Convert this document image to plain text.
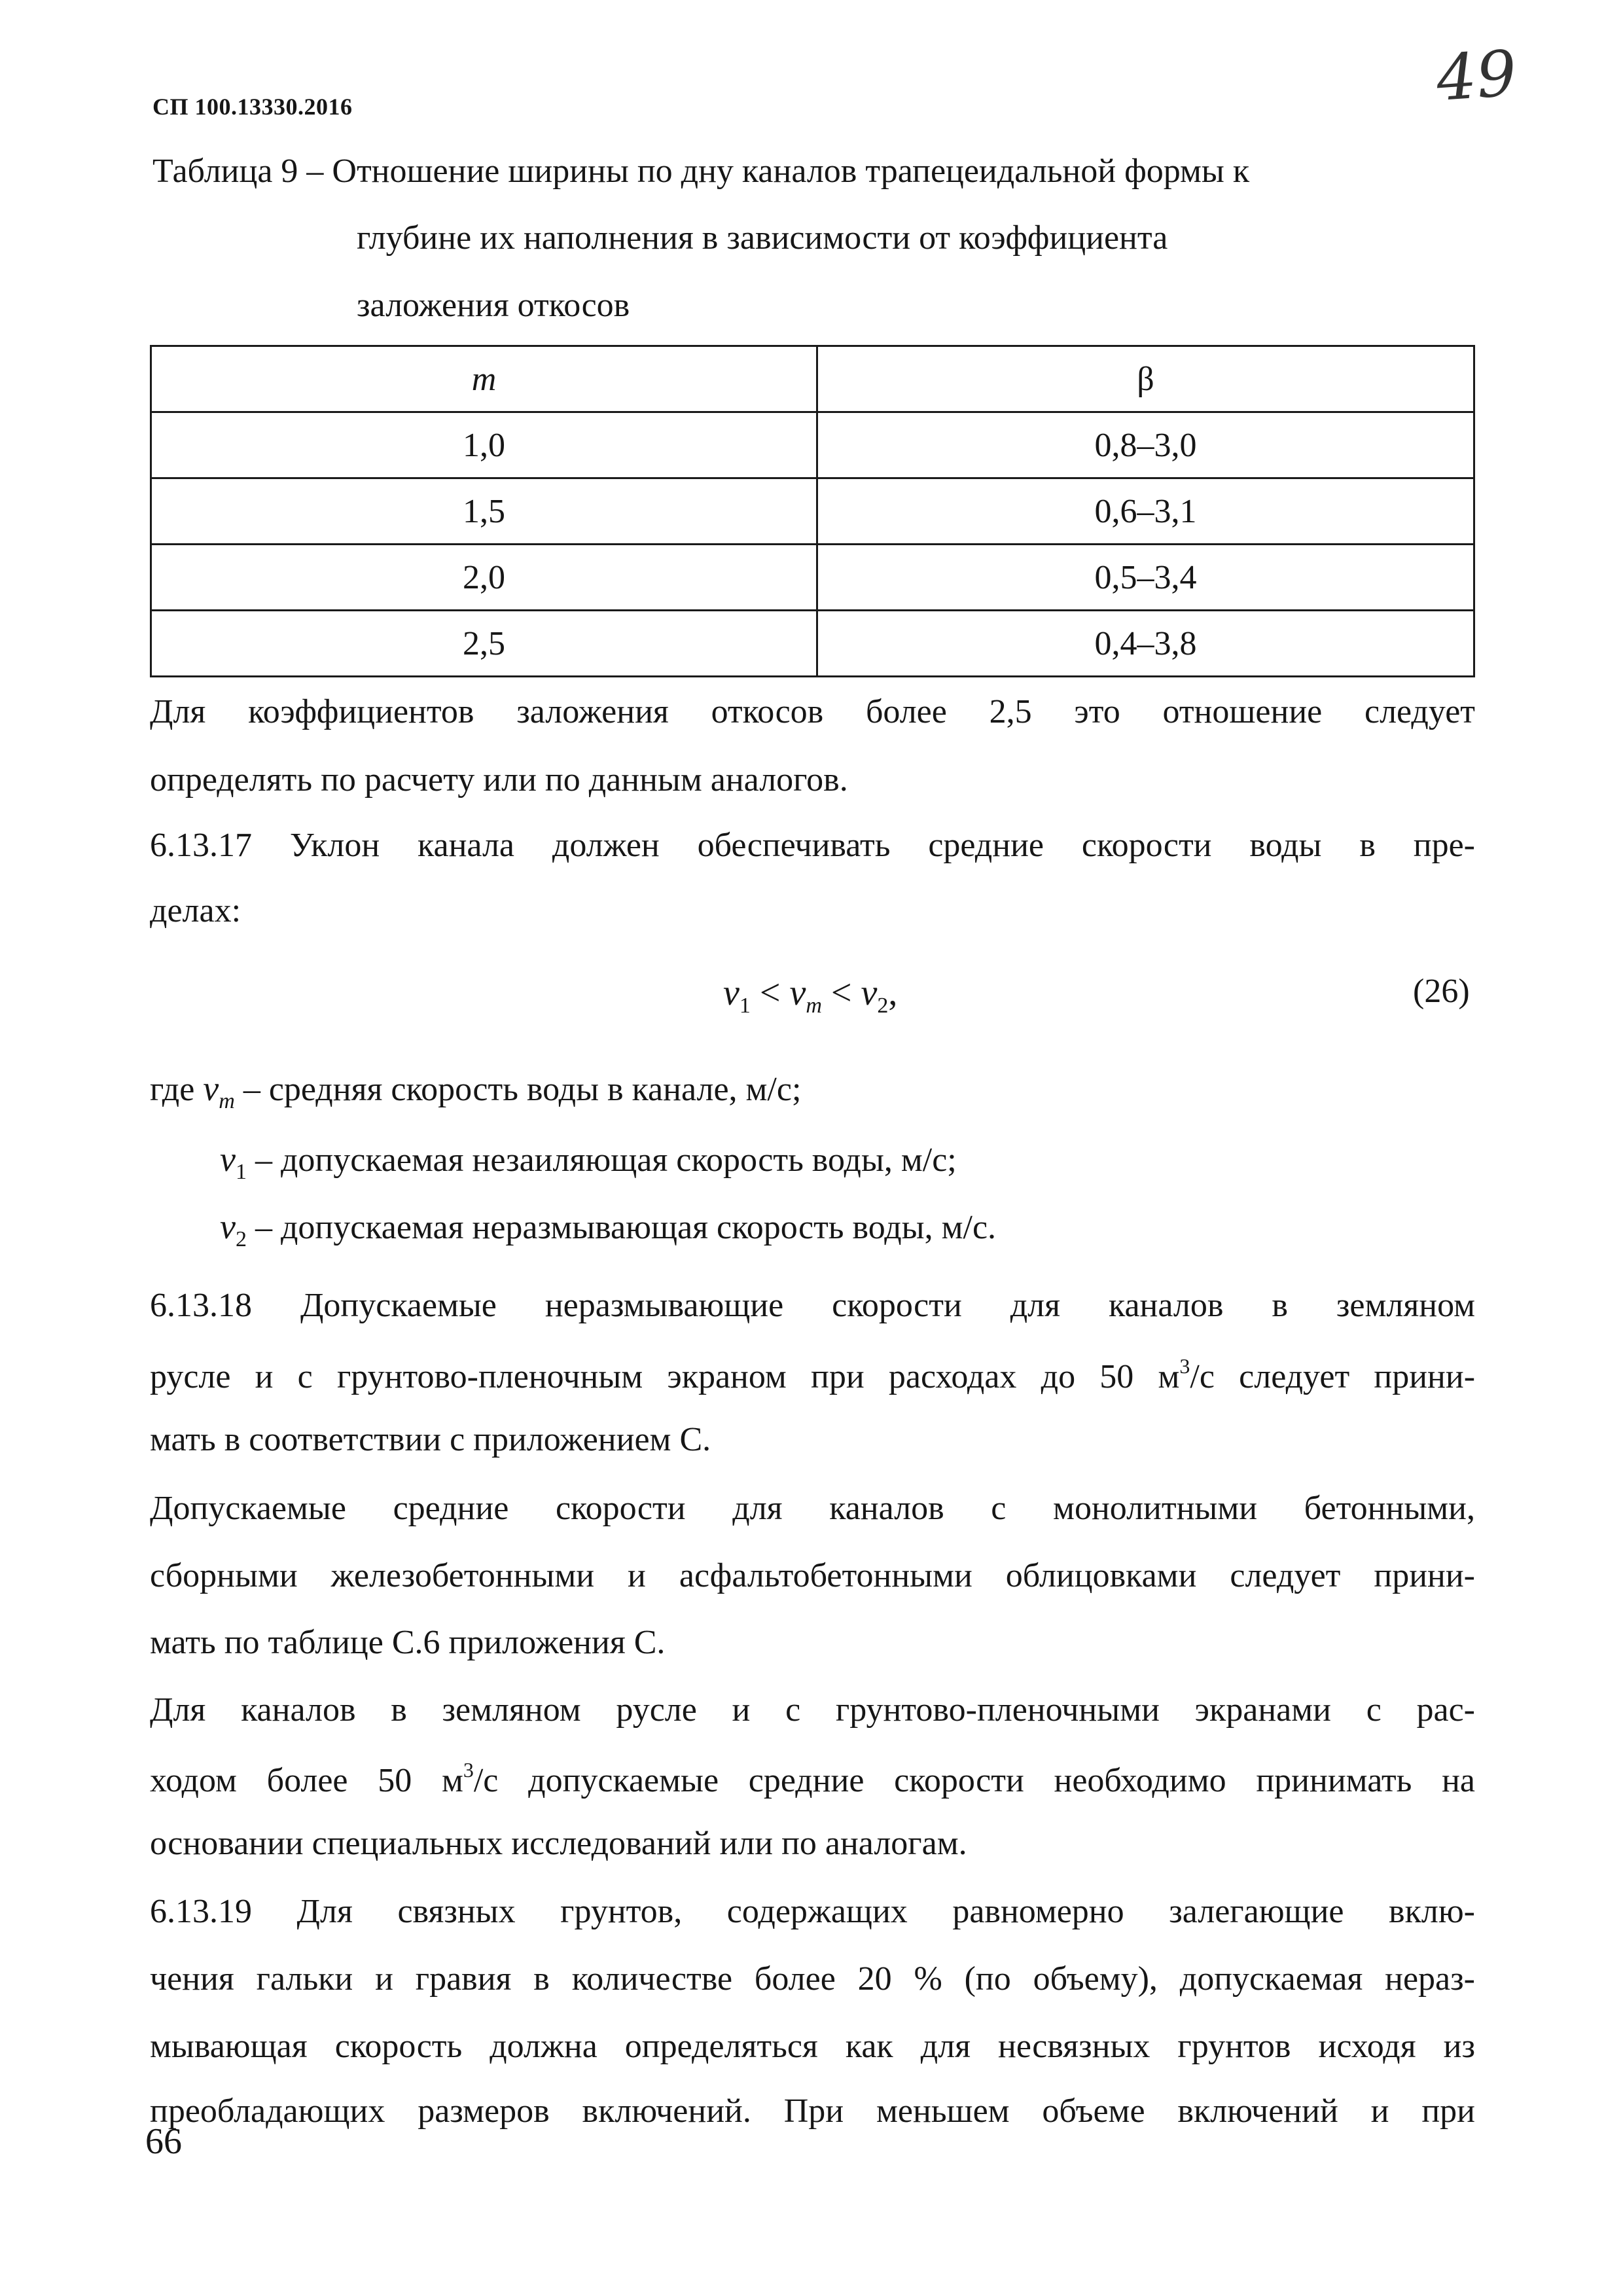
СП 100.13330.2016	49
Таблица 9 – Отношение ширины по дну каналов трапецеидальной формы к
глубине их наполнения в зависимости от коэффициента
заложения откосов
m	β
1,0	0,8–3,0
1,5	0,6–3,1
2,0	0,5–3,4
2,5	0,4–3,8
Для коэффициентов заложения откосов более 2,5 это отношение следует
определять по расчету или по данным аналогов.
6.13.17 Уклон канала должен обеспечивать средние скорости воды в пре-
делах:
$v_1 < v_m < v_2$,	(26)
где $v_m$ – средняя скорость воды в канале, м/с;
$v_1$ – допускаемая незаиляющая скорость воды, м/с;
$v_2$ – допускаемая неразмывающая скорость воды, м/с.
6.13.18 Допускаемые неразмывающие скорости для каналов в земляном
русле и с грунтово-пленочным экраном при расходах до 50 $м^3/с$ следует прини-
мать в соответствии с приложением С.
Допускаемые средние скорости для каналов с монолитными бетонными,
сборными железобетонными и асфальтобетонными облицовками следует прини-
мать по таблице С.6 приложения С.
Для каналов в земляном русле и с грунтово-пленочными экранами с рас-
ходом более 50 $м^3/с$ допускаемые средние скорости необходимо принимать на
основании специальных исследований или по аналогам.
6.13.19 Для связных грунтов, содержащих равномерно залегающие вклю-
чения гальки и гравия в количестве более 20 % (по объему), допускаемая нераз-
мывающая скорость должна определяться как для несвязных грунтов исходя из
преобладающих размеров включений. При меньшем объеме включений и при
66
